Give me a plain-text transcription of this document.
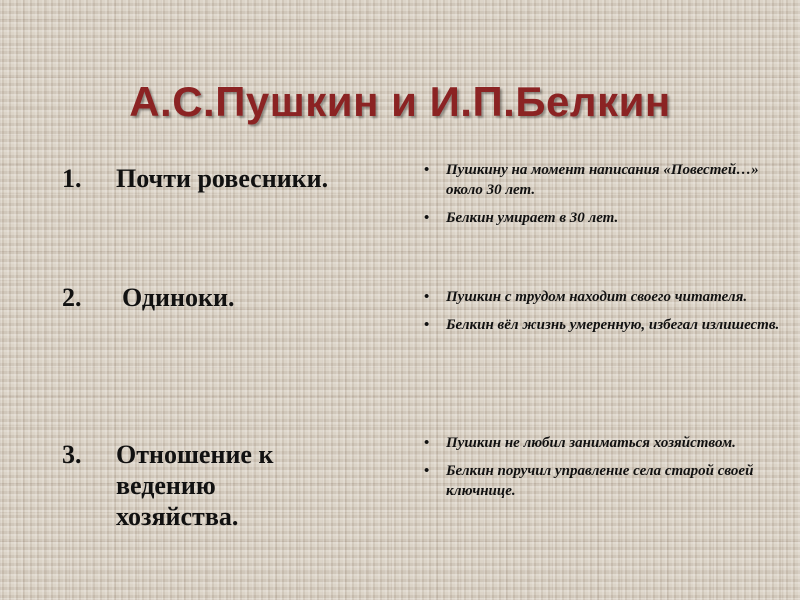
А.С.Пушкин и И.П.Белкин
1. Почти ровесники.	• Пушкину на момент написания «Повестей…» около 30 лет.
• Белкин умирает в 30 лет.
2. Одиноки.	• Пушкин с трудом находит своего читателя.
• Белкин вёл жизнь умеренную, избегал излишеств.
3. Отношение к ведению хозяйства.
• Пушкин не любил заниматься хозяйством.
• Белкин поручил управление села старой своей ключнице.
